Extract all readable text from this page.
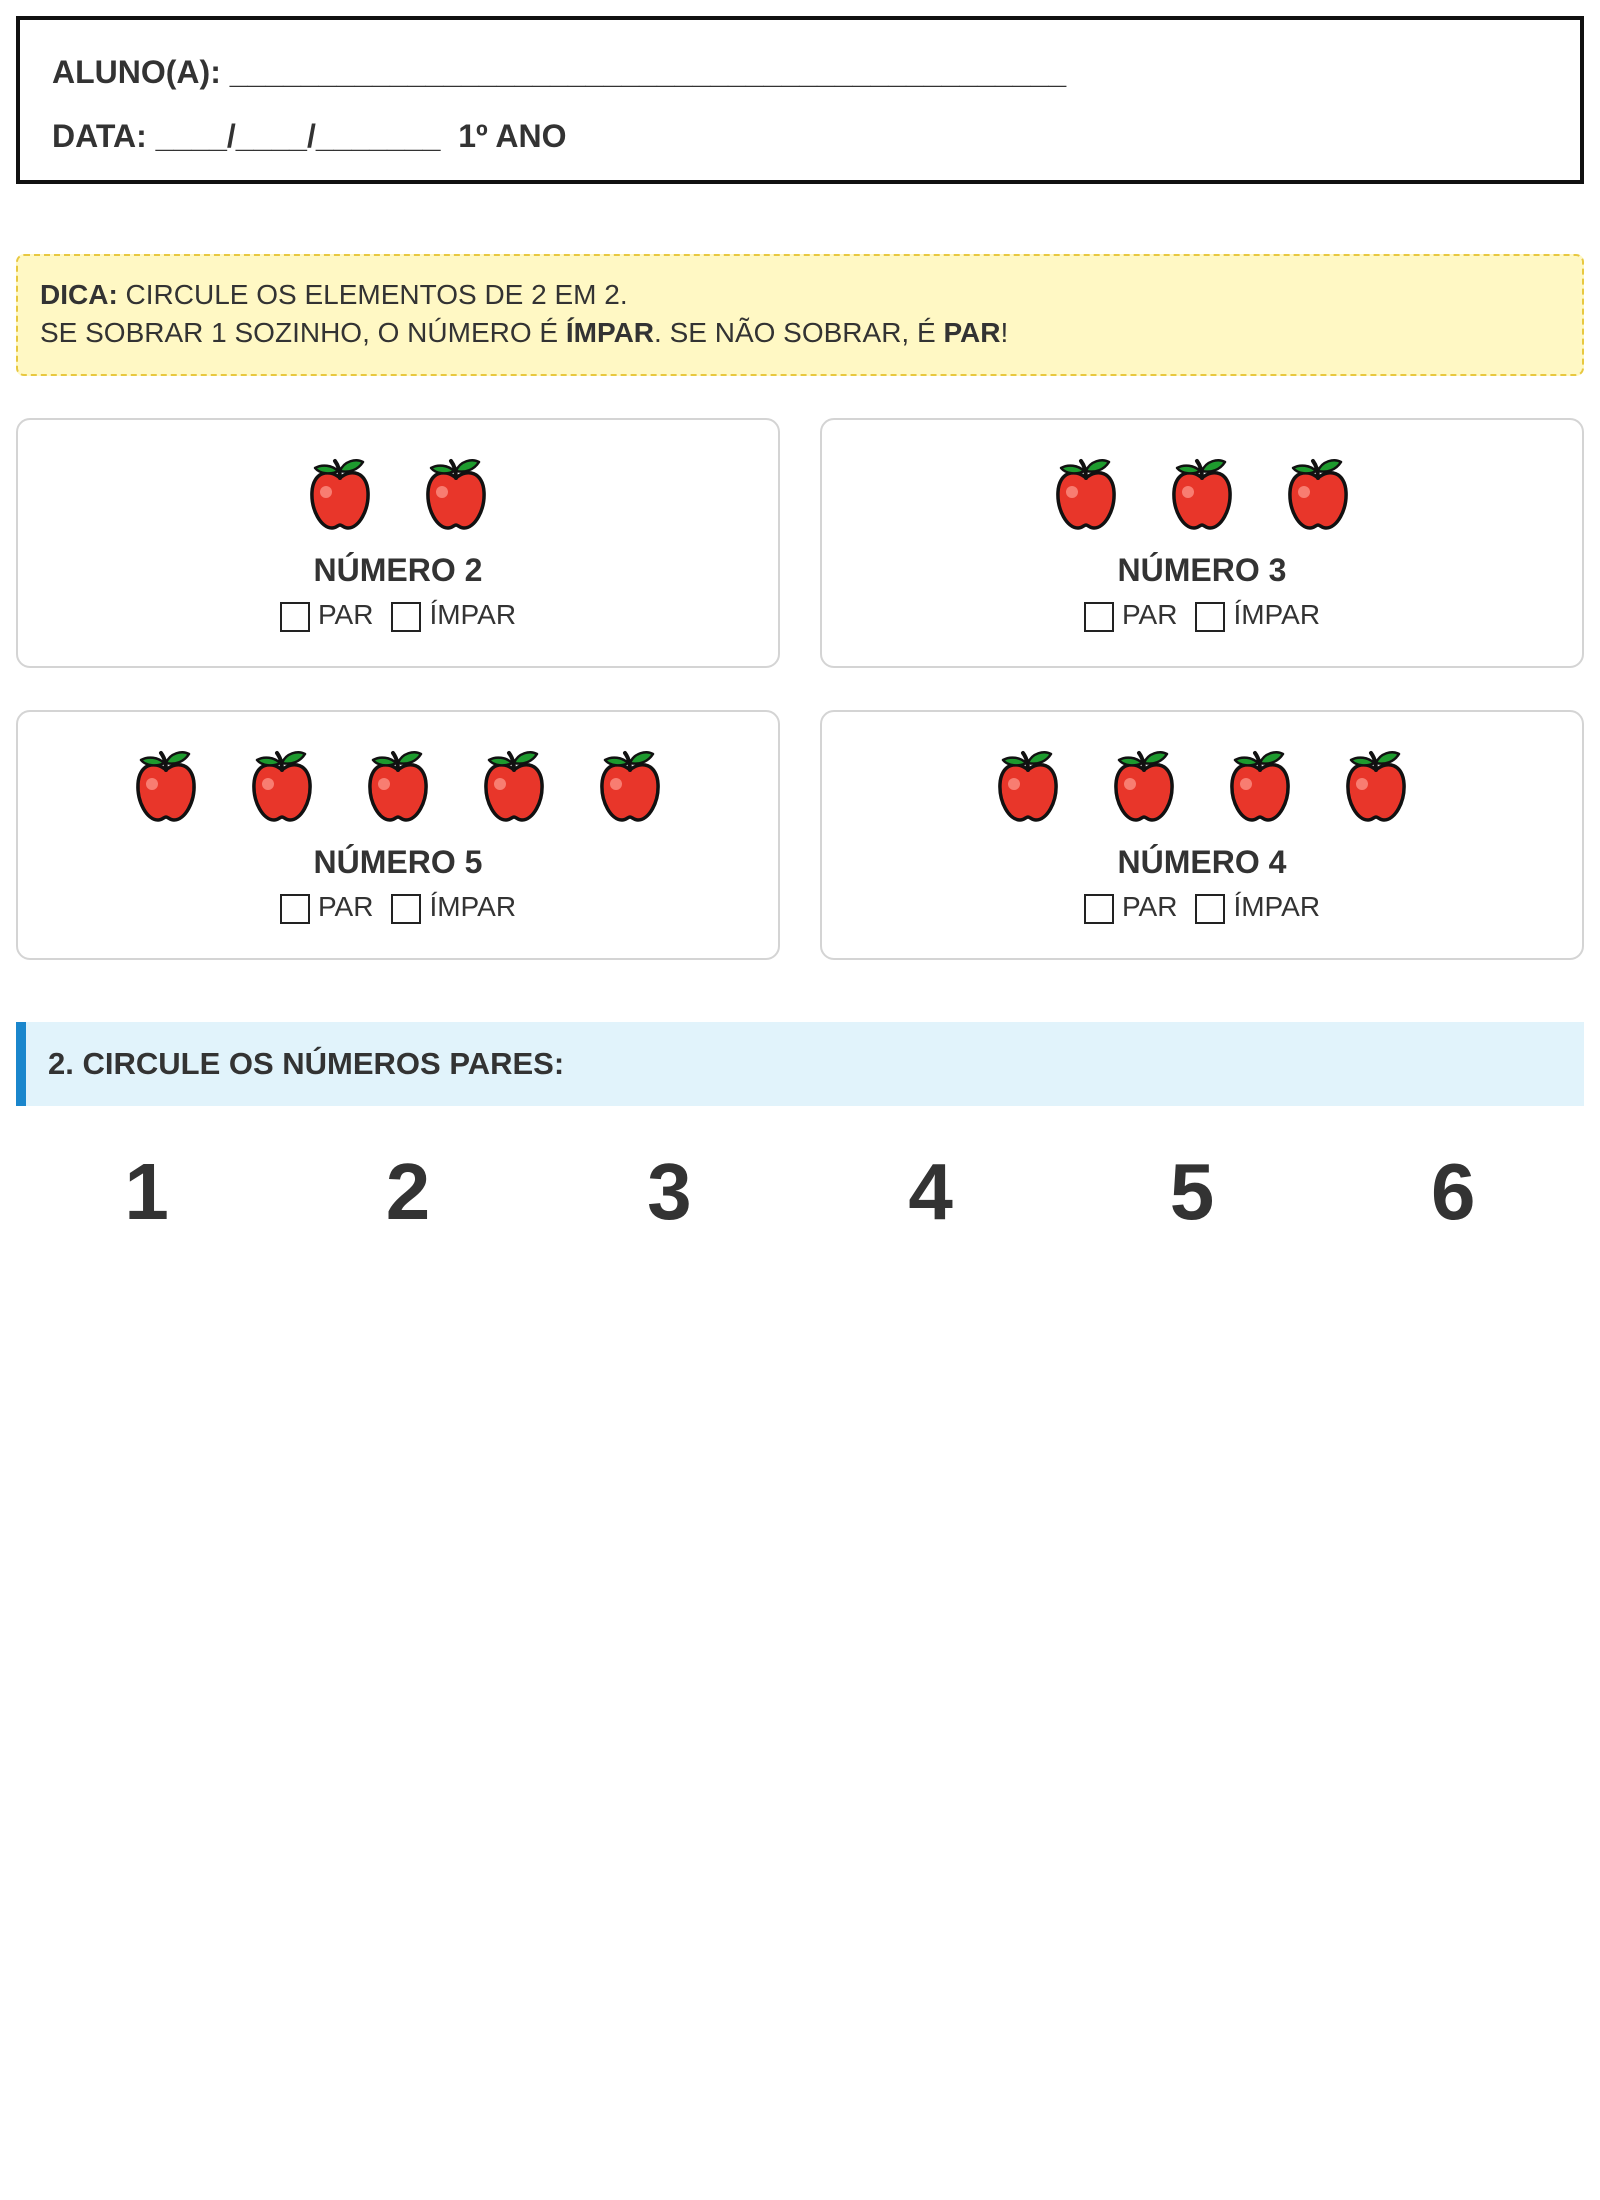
ALUNO(A): _______________________________________________
DATA: ____/____/_______  1º ANO
DICA: CIRCULE OS ELEMENTOS DE 2 EM 2.
SE SOBRAR 1 SOZINHO, O NÚMERO É ÍMPAR. SE NÃO SOBRAR, É PAR!
NÚMERO 2
PAR ÍMPAR
NÚMERO 3
PAR ÍMPAR
NÚMERO 5
PAR ÍMPAR
NÚMERO 4
PAR ÍMPAR
2. CIRCULE OS NÚMEROS PARES:
1	2	3	4	5	6
